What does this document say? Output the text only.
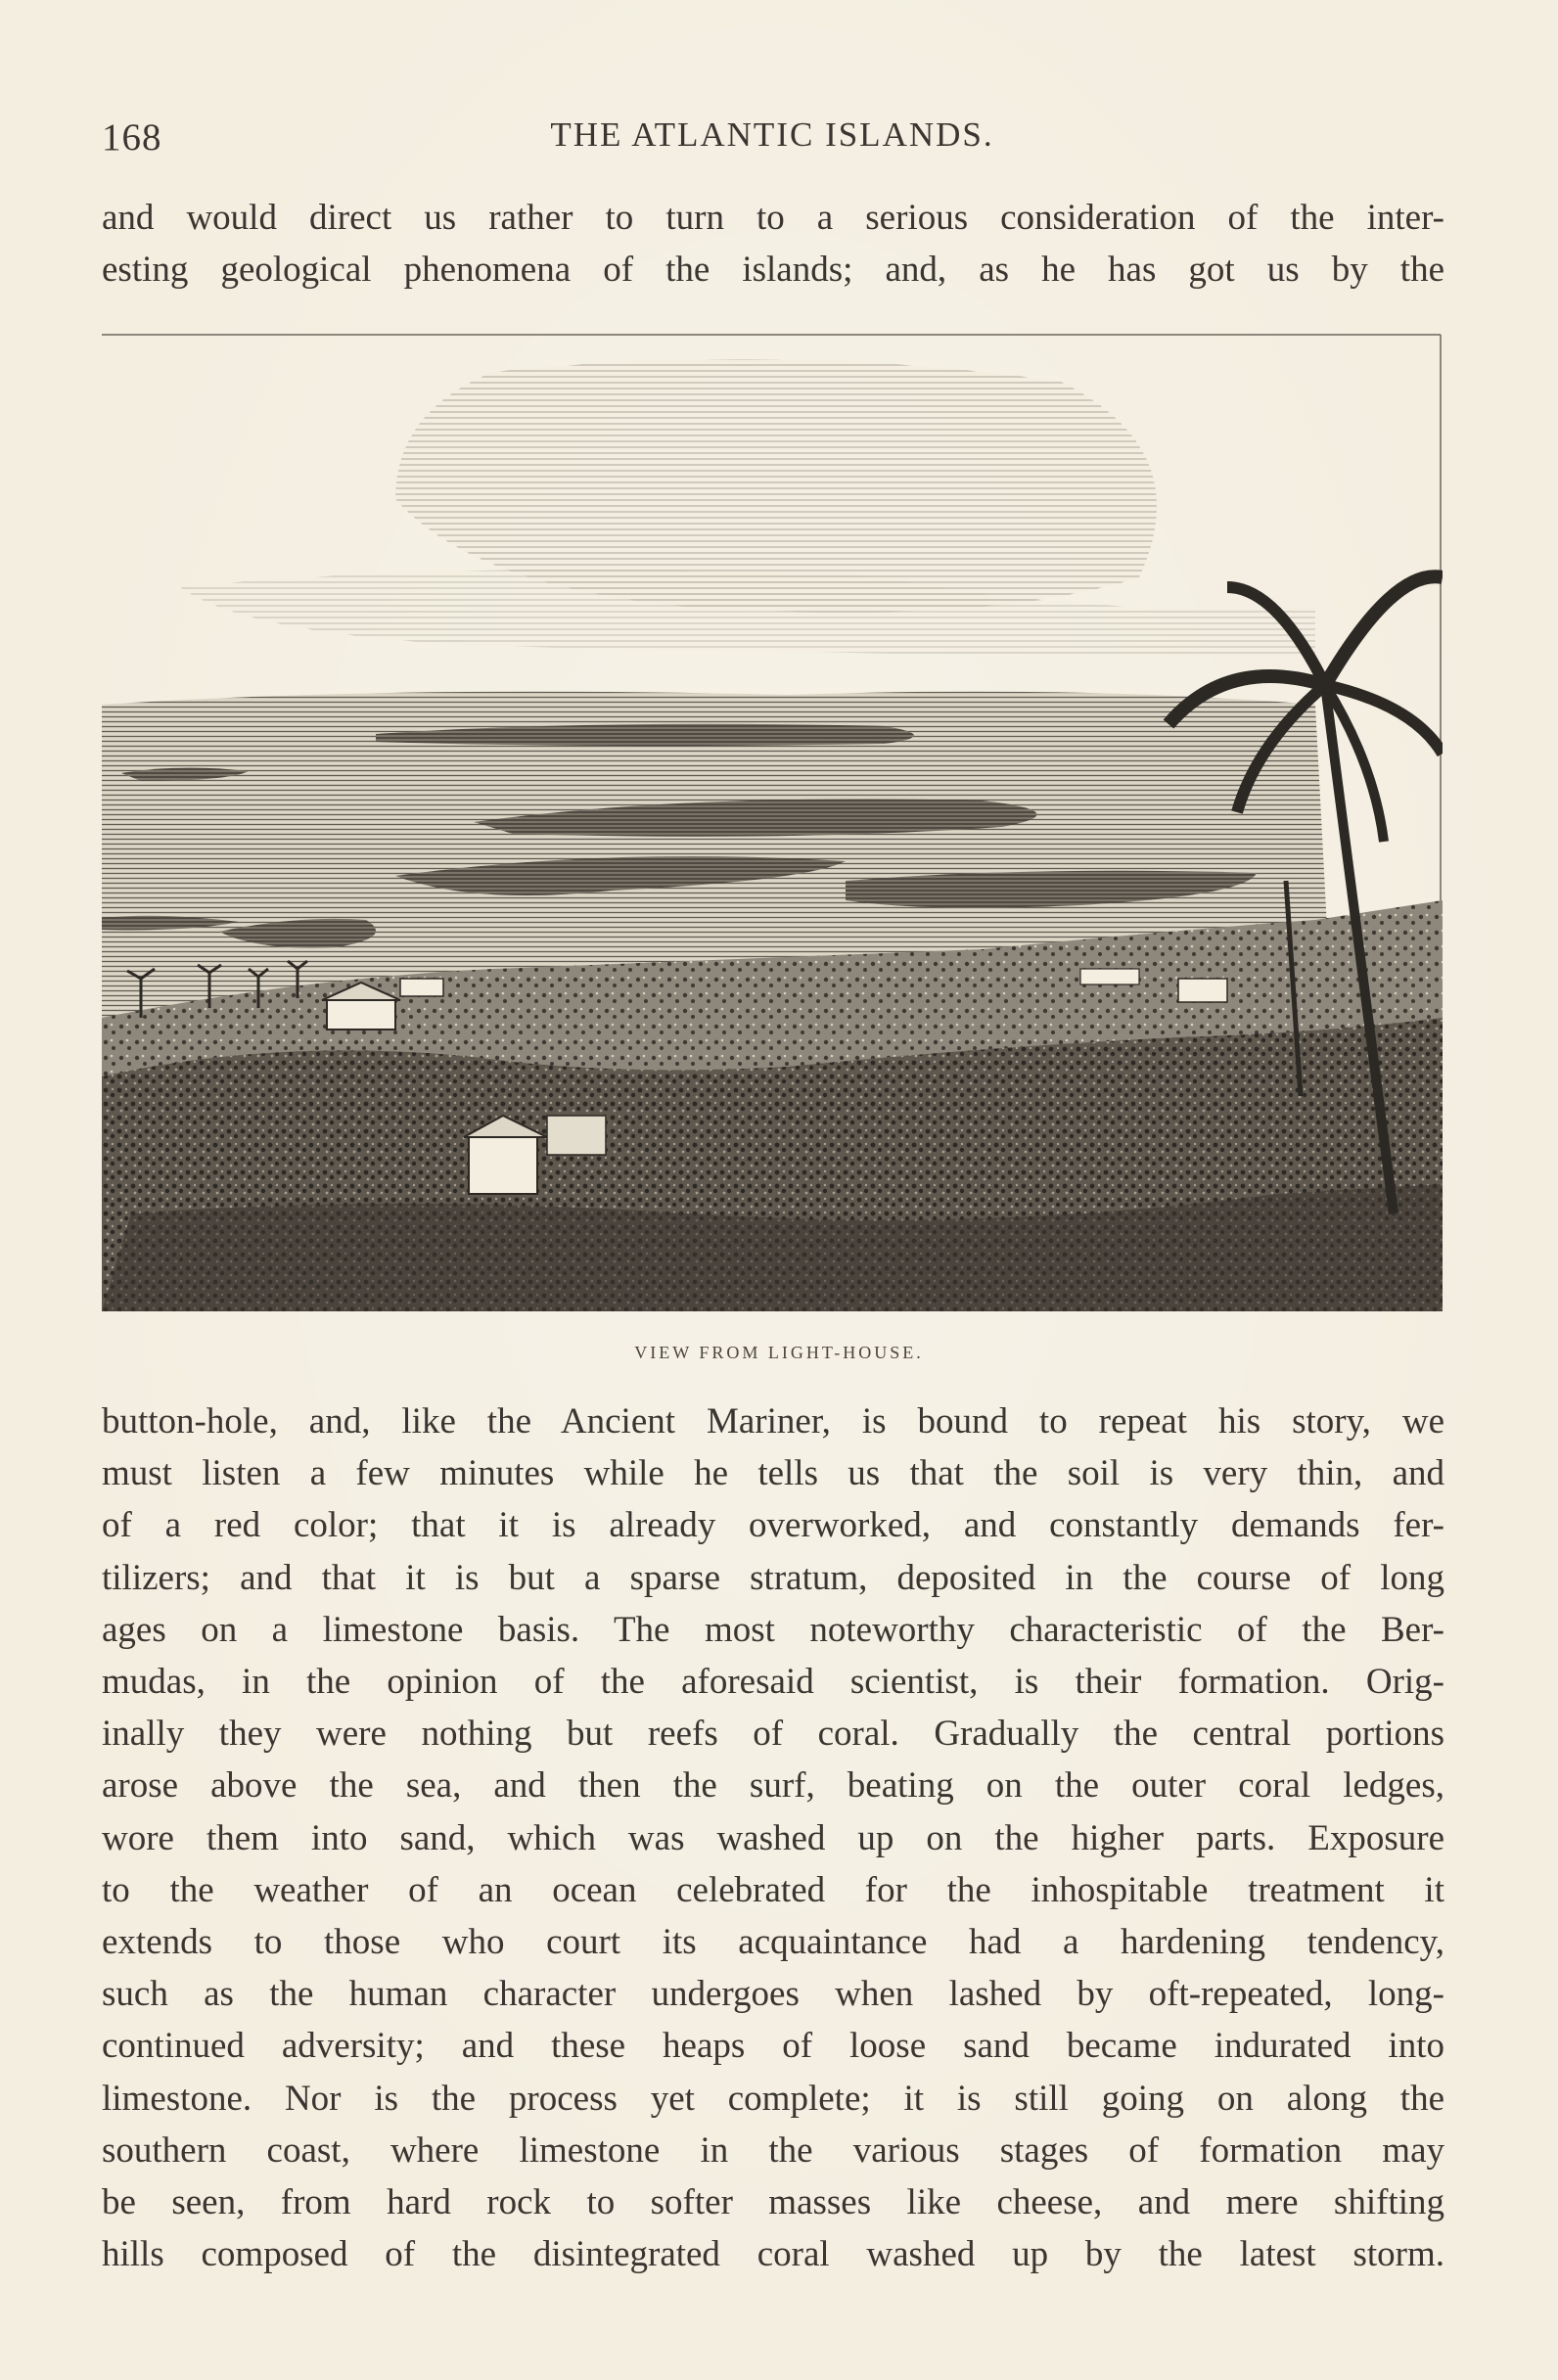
168	THE ATLANTIC ISLANDS.
and would direct us rather to turn to a serious consideration of the inter-
esting geological phenomena of the islands; and, as he has got us by the
VIEW FROM LIGHT-HOUSE.
button-hole, and, like the Ancient Mariner, is bound to repeat his story, we
must listen a few minutes while he tells us that the soil is very thin, and
of a red color; that it is already overworked, and constantly demands fer-
tilizers; and that it is but a sparse stratum, deposited in the course of long
ages on a limestone basis. The most noteworthy characteristic of the Ber-
mudas, in the opinion of the aforesaid scientist, is their formation. Orig-
inally they were nothing but reefs of coral. Gradually the central portions
arose above the sea, and then the surf, beating on the outer coral ledges,
wore them into sand, which was washed up on the higher parts. Exposure
to the weather of an ocean celebrated for the inhospitable treatment it
extends to those who court its acquaintance had a hardening tendency,
such as the human character undergoes when lashed by oft-repeated, long-
continued adversity; and these heaps of loose sand became indurated into
limestone. Nor is the process yet complete; it is still going on along the
southern coast, where limestone in the various stages of formation may
be seen, from hard rock to softer masses like cheese, and mere shifting
hills composed of the disintegrated coral washed up by the latest storm.
